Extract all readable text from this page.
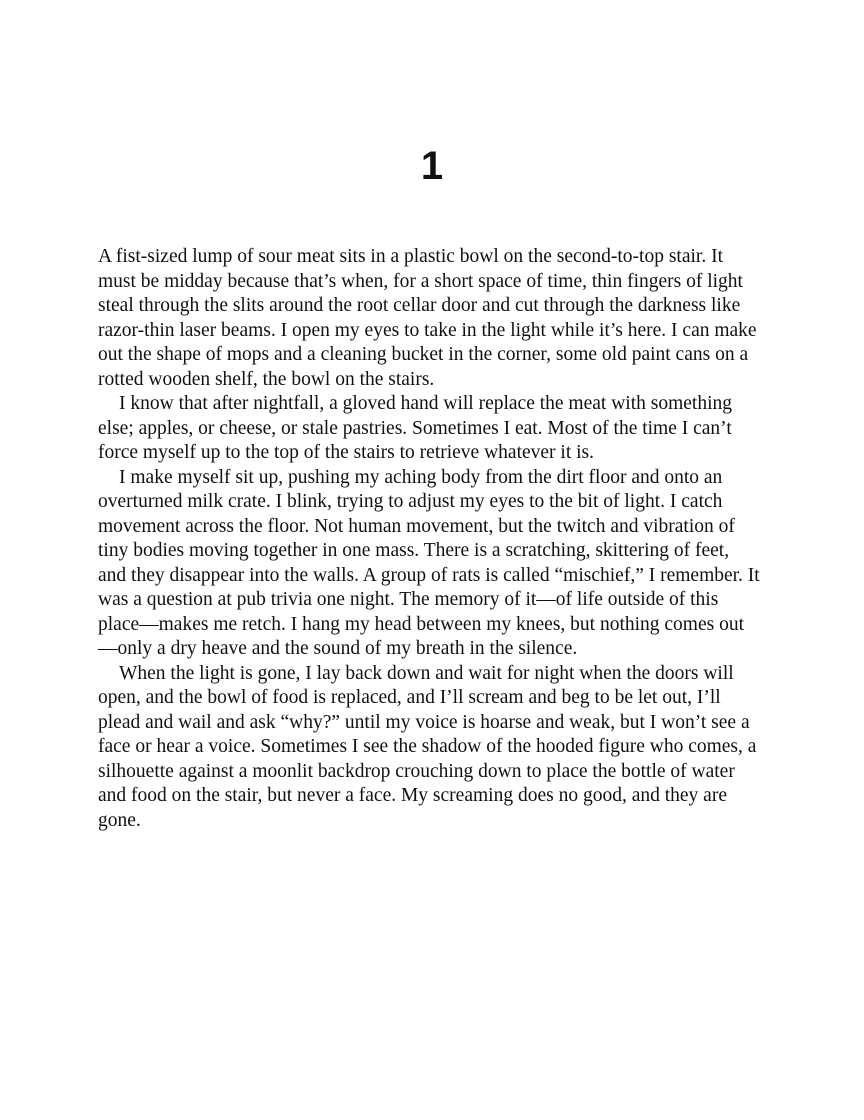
1

A fist-sized lump of sour meat sits in a plastic bowl on the second-to-top stair. It must be midday because that’s when, for a short space of time, thin fingers of light steal through the slits around the root cellar door and cut through the darkness like razor-thin laser beams. I open my eyes to take in the light while it’s here. I can make out the shape of mops and a cleaning bucket in the corner, some old paint cans on a rotted wooden shelf, the bowl on the stairs.

I know that after nightfall, a gloved hand will replace the meat with something else; apples, or cheese, or stale pastries. Sometimes I eat. Most of the time I can’t force myself up to the top of the stairs to retrieve whatever it is.

I make myself sit up, pushing my aching body from the dirt floor and onto an overturned milk crate. I blink, trying to adjust my eyes to the bit of light. I catch movement across the floor. Not human movement, but the twitch and vibration of tiny bodies moving together in one mass. There is a scratching, skittering of feet, and they disappear into the walls. A group of rats is called “mischief,” I remember. It was a question at pub trivia one night. The memory of it—of life outside of this place—makes me retch. I hang my head between my knees, but nothing comes out—only a dry heave and the sound of my breath in the silence.

When the light is gone, I lay back down and wait for night when the doors will open, and the bowl of food is replaced, and I’ll scream and beg to be let out, I’ll plead and wail and ask “why?” until my voice is hoarse and weak, but I won’t see a face or hear a voice. Sometimes I see the shadow of the hooded figure who comes, a silhouette against a moonlit backdrop crouching down to place the bottle of water and food on the stair, but never a face. My screaming does no good, and they are gone.
